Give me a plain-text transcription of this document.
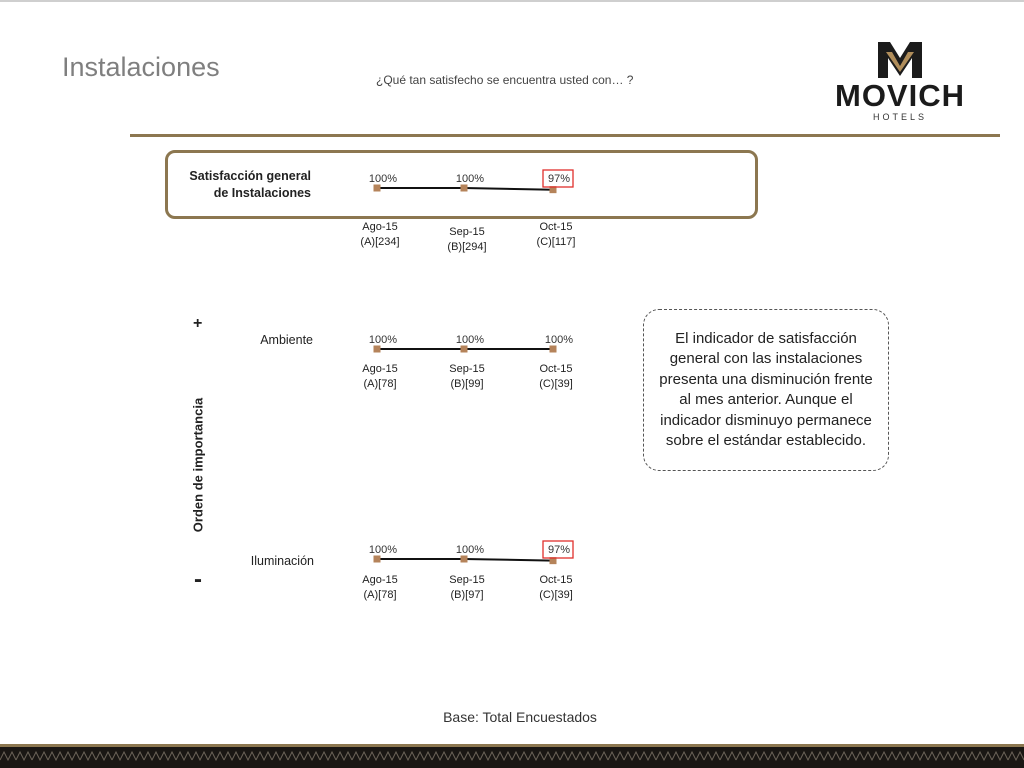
Instalaciones	¿Qué tan satisfecho se encuentra usted con… ?	MOVICH
HOTELS
Satisfacción general de Instalaciones
Ambiente
Iluminación
+
-
Orden de importancia
100%
Ago-15
(A)[234]
100%
Sep-15
(B)[294]
97%
Oct-15
(C)[117]
100%
Ago-15
(A)[78]
100%
Sep-15
(B)[99]
100%
Oct-15
(C)[39]
100%
Ago-15
(A)[78]
100%
Sep-15
(B)[97]
97%
Oct-15
(C)[39]
El indicador de satisfacción general con las instalaciones presenta una disminución frente al mes anterior. Aunque el indicador disminuyo permanece sobre el estándar establecido.
Base: Total Encuestados
